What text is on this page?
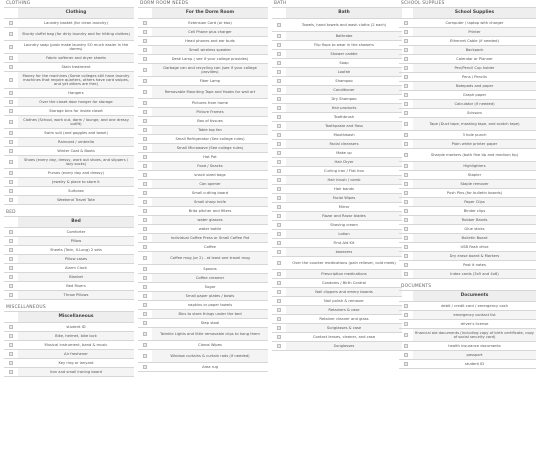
CLOTHING
Clothing
Laundry basket (for clean laundry)
Sturdy duffel bag (for dirty laundry and for hitting clothes)
Laundry soap (prob make laundry SO much easier in the dorms)
Fabric softener and dryer sheets
Stain treatment
Money for the machines (Some colleges still have laundry machines that require quarters, others have card swipes, and yet others are free)
Hangers
Over the closet door hanger for storage
Storage bins for inside closet
Clothes (School, work out, dorm / lounge, and one dressy outfit)
Swim suit (and goggles and towel)
Raincoat / umbrella
Winter Coat & Boots
Shoes (every day, dressy, work out shoes, and slippers / lazy socks)
Purses (every day and dressy)
Jewelry & place to store it
Suitcase
Weekend Travel Tote
BED
Bed
Comforter
Pillow
Sheets (Twin, X-Long) 2 sets
Pillow cases
Alarm Clock
Blanket
Bed Risers
Throw Pillows
MISCELLANEOUS
Miscellaneous
student ID
Bike, helmet, bike lock
Musical instrument, band & music
Air freshener
Key ring or lanyard
Iron and small ironing board
DORM ROOM NEEDS
For the Dorm Room
Extension Cord (or two)
Cell Phone plus charger
Head phones and ear buds
Small wireless speaker
Desk Lamp ( see if your college provides)
Garbage can and recycling can (see if your college provides)
Fiber Lamp
Removable Mounting Tape and Hooks for wall art
Pictures from home
Picture Frames
Box of tissues
Table top fan
Small Refrigerator (See college rules)
Small Microwave (See college rules)
Hot Pot
Food / Snacks
snack sized bags
Can opener
Small cutting board
Small sharp knife
Brita pitcher and filters
water glasses
water bottle
Individual Coffee Press or Small Coffee Pot
Coffee
Coffee mug (or 2) - at least one travel mug
Spoons
Coffee creamer
Sugar
Small paper plates / bowls
napkins or paper towels
Bins to store things under the bed
Step stool
Twinkle Lights and little removable clips to hang them
Clorox Wipes
Window curtains & curtain rods (if needed)
Area rug
BATH
Bath
Towels, hand towels and wash cloths (2 each)
Bathrobe
Flip flops to wear in the showers
Shower caddie
Soap
Loofah
Shampoo
Conditioner
Dry Shampoo
Hair products
Toothbrush
Toothpaste and floss
Mouthwash
Facial cleansers
Make up
Hair Dryer
Curling Iron / Flat Iron
Hair brush / comb
Hair bands
Facial Wipes
Mirror
Razor and Razor blades
Shaving cream
Lotion
First Aid Kit
tweezers
Over the counter medications (pain reliever, cold meds)
Prescription medications
Condoms / Birth Control
Nail clippers and emery boards
Nail polish & remover
Retainers & case
Retainer cleaner and glass
Sunglasses & case
Contact lenses, cleaner, and case
Sunglasses
SCHOOL SUPPLIES
School Supplies
Computer / laptop with charger
Printer
Ethernet Cable (if needed)
Backpack
Calendar or Planner
Pen/Pencil Cup holder
Pens / Pencils
Notepads and paper
Graph paper
Calculator (if needed)
Scissors
Tape (Duct tape, masking tape, and scotch tape)
3 hole punch
Plain white printer paper
Sharpie markers (both fine tip and medium tip)
Highlighters
Stapler
Staple remover
Push Pins (for bulletin boards)
Paper Clips
Binder clips
Rubber Bands
Glue sticks
Bulletin Board
USB flash drive
Dry erase board & Markers
Post it notes
Index cards (3x5 and 4x6)
DOCUMENTS
Documents
debit / credit card / emergency cash
emergency contact list
driver's license
financial aid documents (including copy of birth certificate, copy of social security card)
health insurance documents
passport
student ID
